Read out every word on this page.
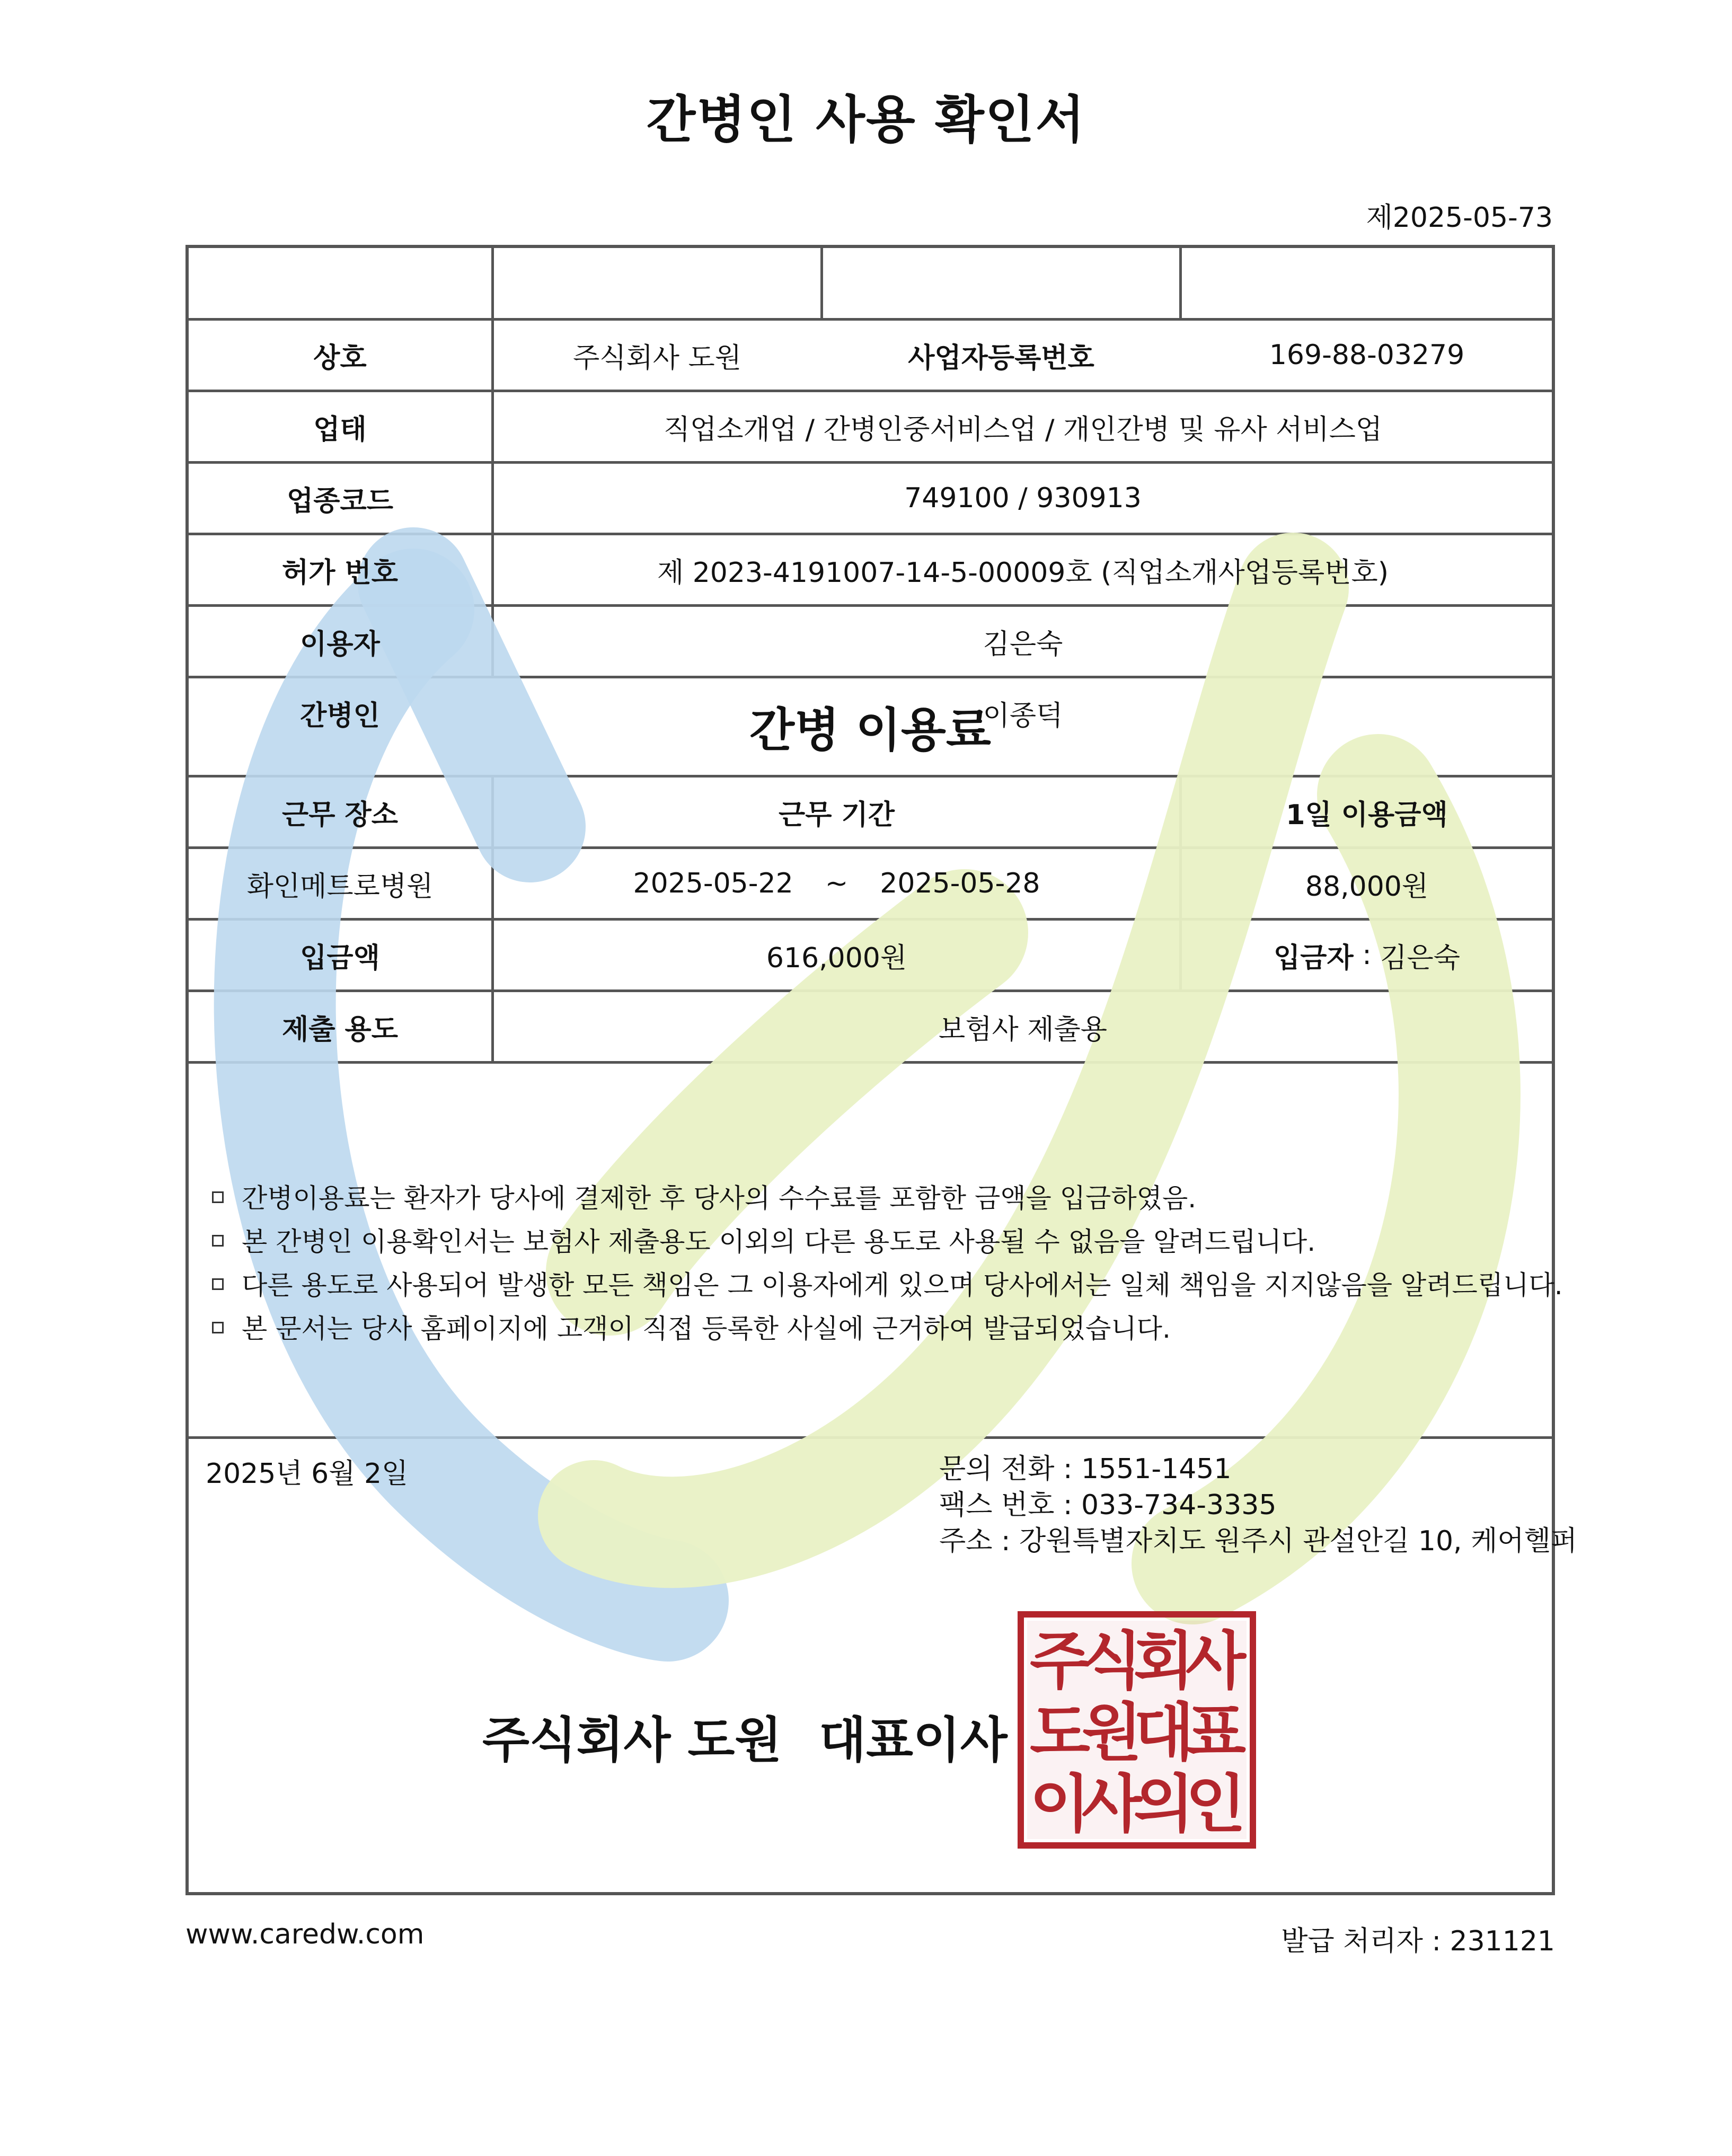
간병인 사용 확인서
제2025-05-73
상호	주식회사 도원	사업자등록번호	169-88-03279
업태	직업소개업 / 간병인중서비스업 / 개인간병 및 유사 서비스업
업종코드	749100 / 930913
허가 번호	제 2023-4191007-14-5-00009호 (직업소개사업등록번호)
이용자	김은숙
간병인	이종덕
간병 이용료
근무 장소	근무 기간	1일 이용금액
화인메트로병원	2025-05-22 ~ 2025-05-28	88,000원
입금액	616,000원	입금자 : 김은숙
제출 용도	보험사 제출용
간병이용료는 환자가 당사에 결제한 후 당사의 수수료를 포함한 금액을 입금하였음.
본 간병인 이용확인서는 보험사 제출용도 이외의 다른 용도로 사용될 수 없음을 알려드립니다.
다른 용도로 사용되어 발생한 모든 책임은 그 이용자에게 있으며 당사에서는 일체 책임을 지지않음을 알려드립니다.
본 문서는 당사 홈페이지에 고객이 직접 등록한 사실에 근거하여 발급되었습니다.
2025년 6월 2일	문의 전화 : 1551-1451
팩스 번호 : 033-734-3335
주소 : 강원특별자치도 원주시 관설안길 10, 케어헬퍼
주식회사 도원 대표이사
주
식
회
사
도
원
대
표
이
사
의
인
www.caredw.com	발급 처리자 : 231121
